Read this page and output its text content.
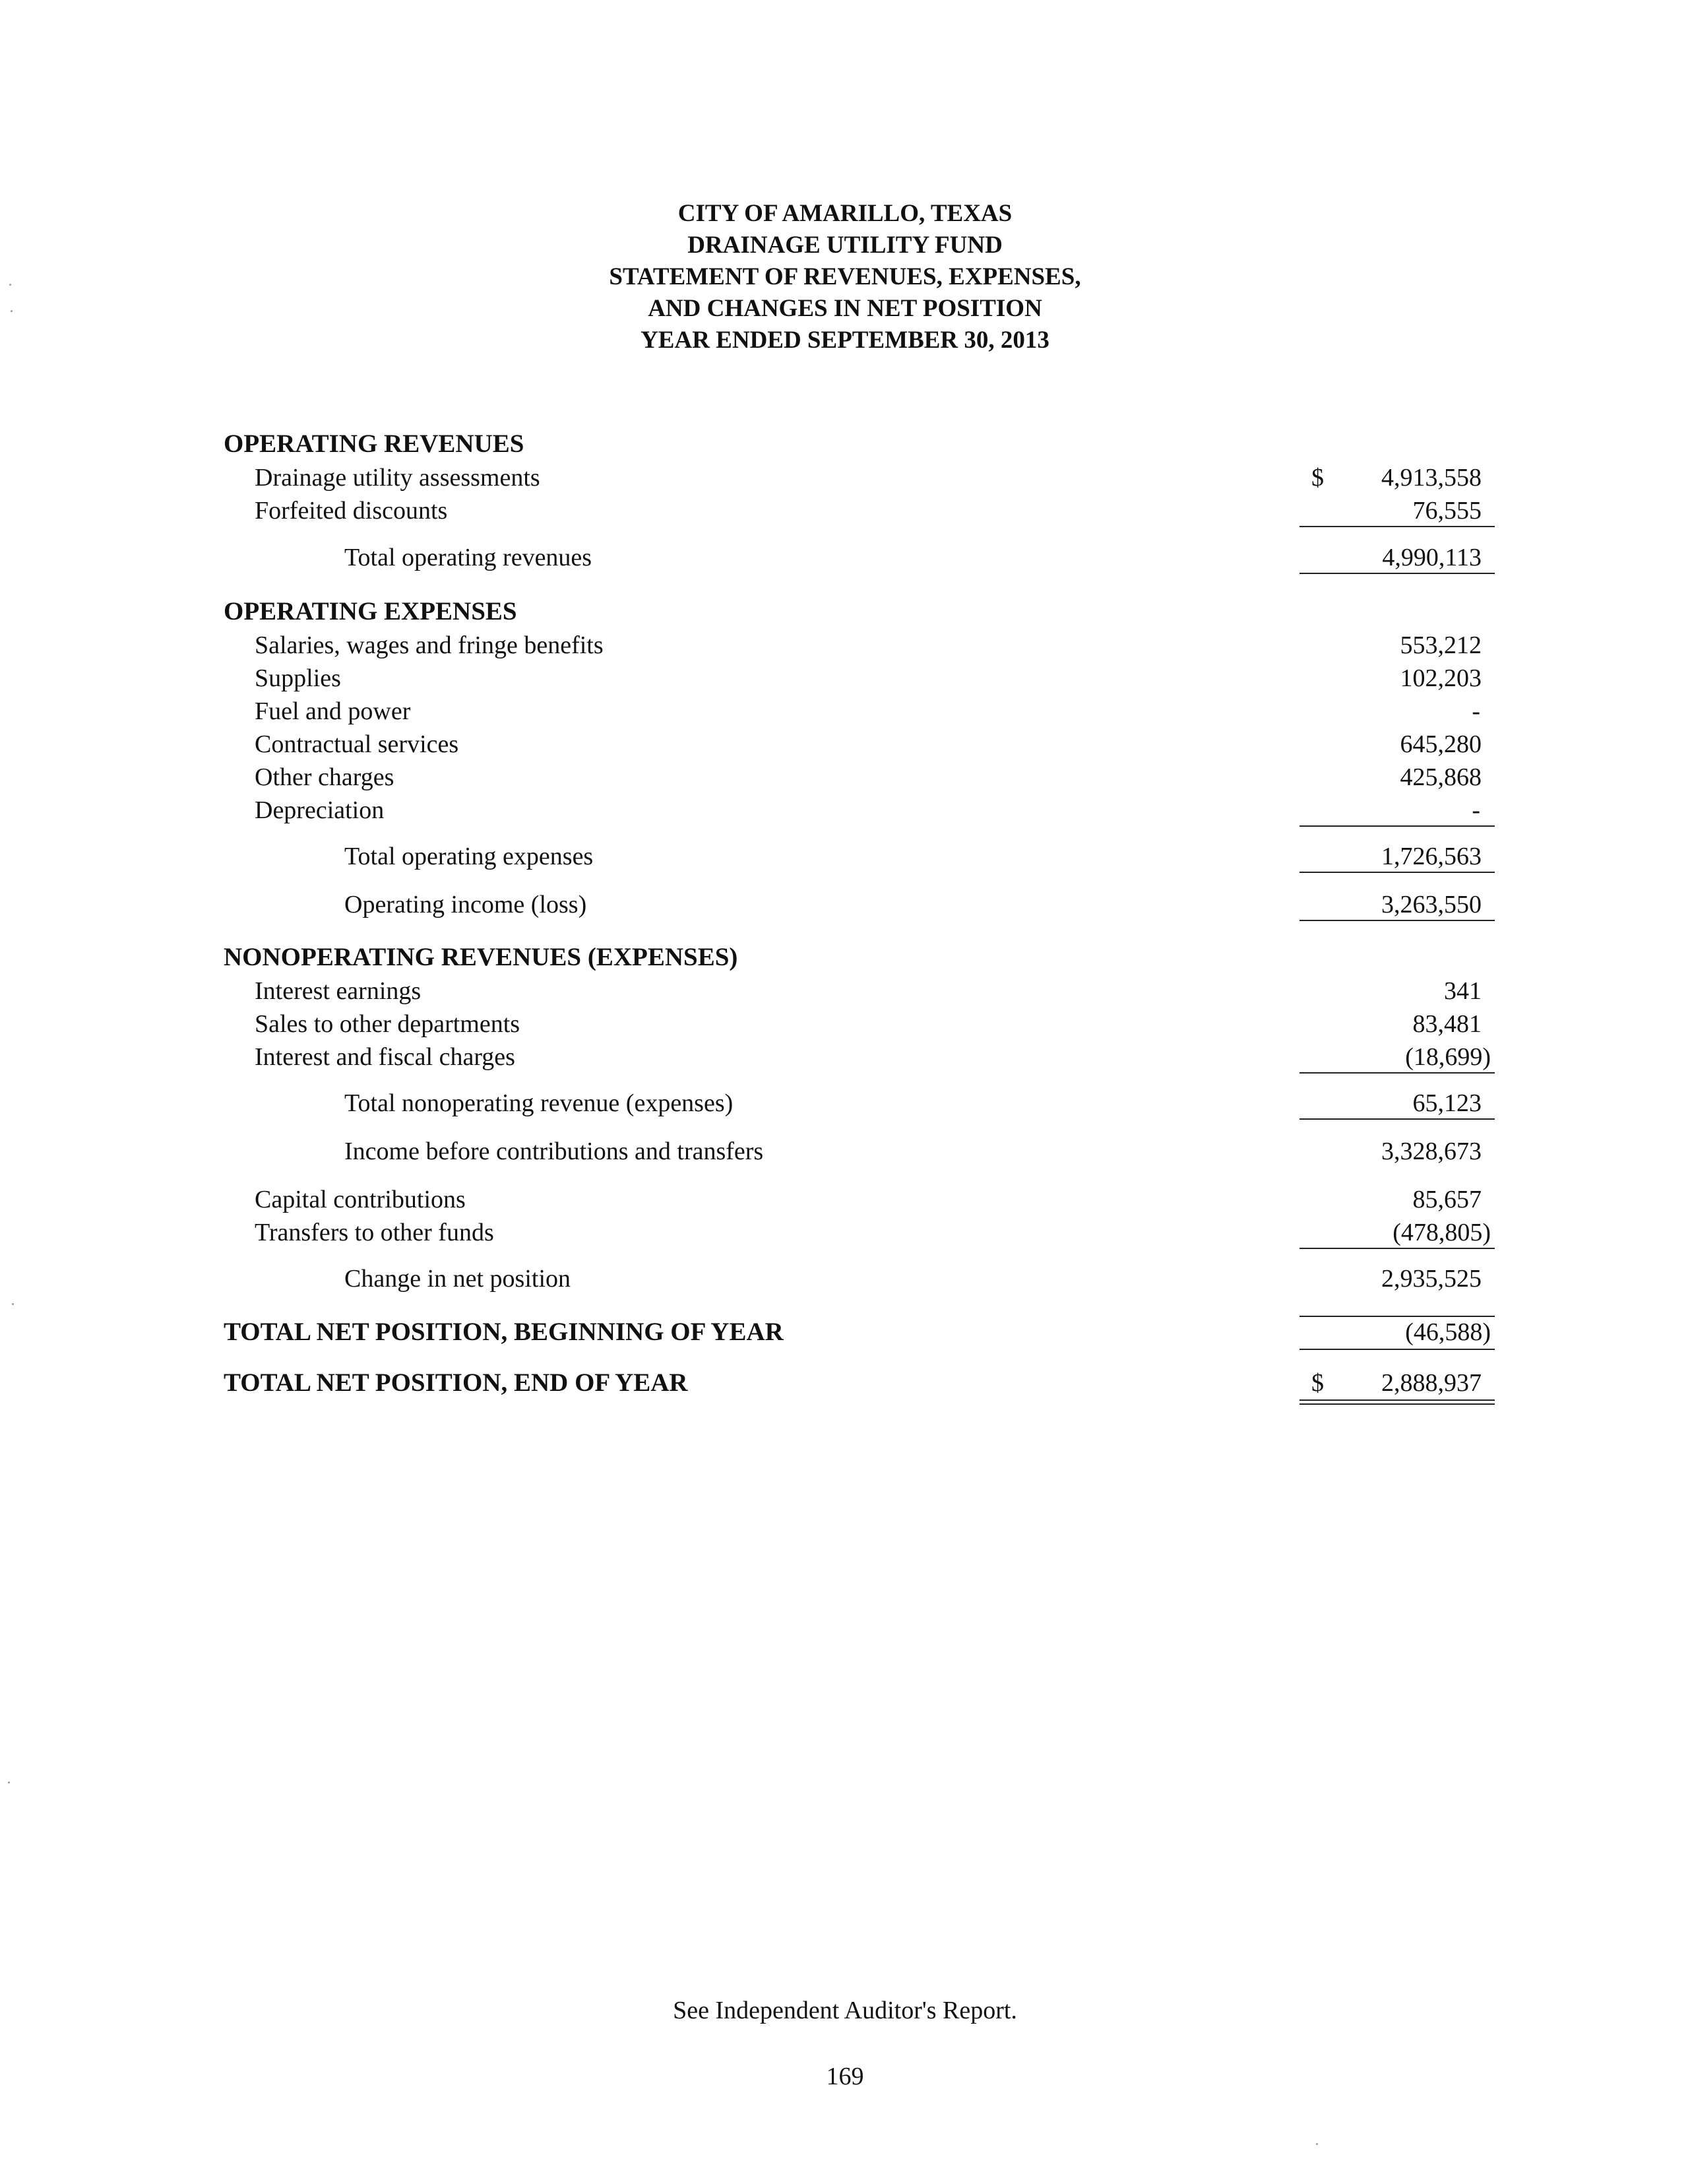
CITY OF AMARILLO, TEXAS
DRAINAGE UTILITY FUND
STATEMENT OF REVENUES, EXPENSES,
AND CHANGES IN NET POSITION
YEAR ENDED SEPTEMBER 30, 2013
OPERATING REVENUES
Drainage utility assessments	$ 4,913,558
Forfeited discounts	76,555
Total operating revenues	4,990,113
OPERATING EXPENSES
Salaries, wages and fringe benefits	553,212
Supplies	102,203
Fuel and power	-
Contractual services	645,280
Other charges	425,868
Depreciation	-
Total operating expenses	1,726,563
Operating income (loss)	3,263,550
NONOPERATING REVENUES (EXPENSES)
Interest earnings	341
Sales to other departments	83,481
Interest and fiscal charges	(18,699)
Total nonoperating revenue (expenses)	65,123
Income before contributions and transfers	3,328,673
Capital contributions	85,657
Transfers to other funds	(478,805)
Change in net position	2,935,525
TOTAL NET POSITION, BEGINNING OF YEAR	(46,588)
TOTAL NET POSITION, END OF YEAR	$ 2,888,937
See Independent Auditor's Report.
169
